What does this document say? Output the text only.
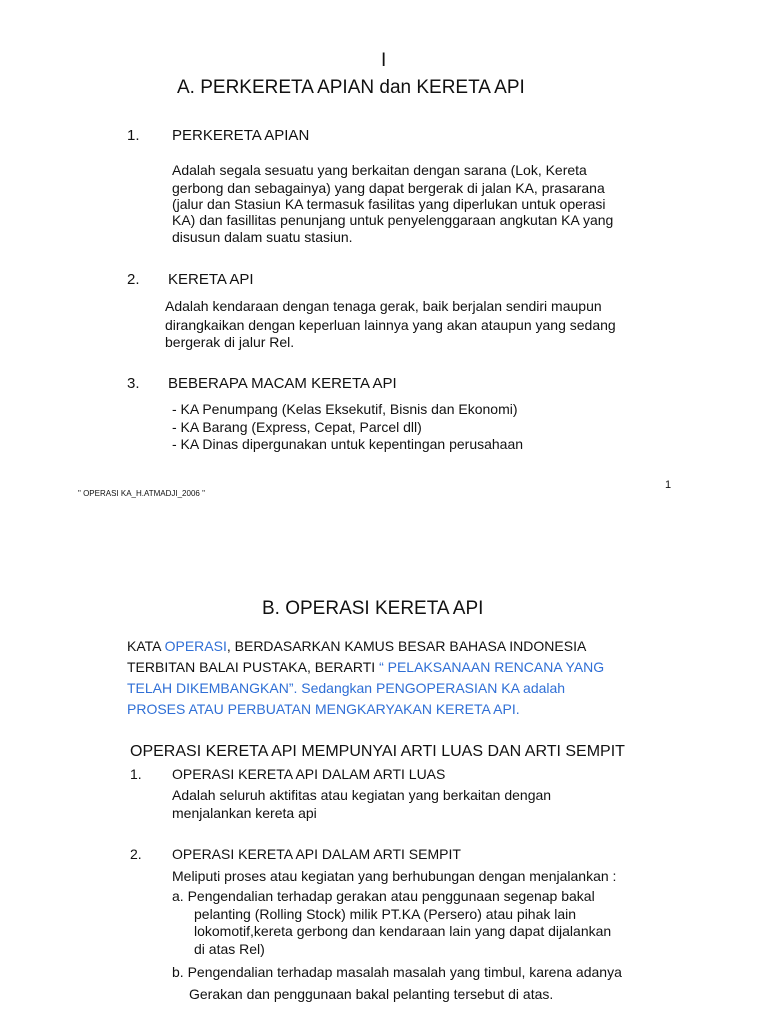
I
A. PERKERETA APIAN dan KERETA API
1. PERKERETA APIAN
Adalah segala sesuatu yang berkaitan dengan sarana (Lok, Kereta
gerbong dan sebagainya) yang dapat bergerak di jalan KA, prasarana
(jalur dan Stasiun KA termasuk fasilitas yang diperlukan untuk operasi
KA) dan fasillitas penunjang untuk penyelenggaraan angkutan KA yang
disusun dalam suatu stasiun.
2. KERETA API
Adalah kendaraan dengan tenaga gerak, baik berjalan sendiri maupun
dirangkaikan dengan keperluan lainnya yang akan ataupun yang sedang
bergerak di jalur Rel.
3. BEBERAPA MACAM KERETA API
- KA Penumpang (Kelas Eksekutif, Bisnis dan Ekonomi)
- KA Barang (Express, Cepat, Parcel dll)
- KA Dinas dipergunakan untuk kepentingan perusahaan
" OPERASI KA_H.ATMADJI_2006 "
1
B. OPERASI KERETA API
KATA OPERASI, BERDASARKAN KAMUS BESAR BAHASA INDONESIA
TERBITAN BALAI PUSTAKA, BERARTI “ PELAKSANAAN RENCANA YANG
TELAH DIKEMBANGKAN”. Sedangkan PENGOPERASIAN KA adalah
PROSES ATAU PERBUATAN MENGKARYAKAN KERETA API.
OPERASI KERETA API MEMPUNYAI ARTI LUAS DAN ARTI SEMPIT
1. OPERASI KERETA API DALAM ARTI LUAS
Adalah seluruh aktifitas atau kegiatan yang berkaitan dengan
menjalankan kereta api
2. OPERASI KERETA API DALAM ARTI SEMPIT
Meliputi proses atau kegiatan yang berhubungan dengan menjalankan :
a. Pengendalian terhadap gerakan atau penggunaan segenap bakal
pelanting (Rolling Stock) milik PT.KA (Persero) atau pihak lain
lokomotif,kereta gerbong dan kendaraan lain yang dapat dijalankan
di atas Rel)
b. Pengendalian terhadap masalah masalah yang timbul, karena adanya
Gerakan dan penggunaan bakal pelanting tersebut di atas.
